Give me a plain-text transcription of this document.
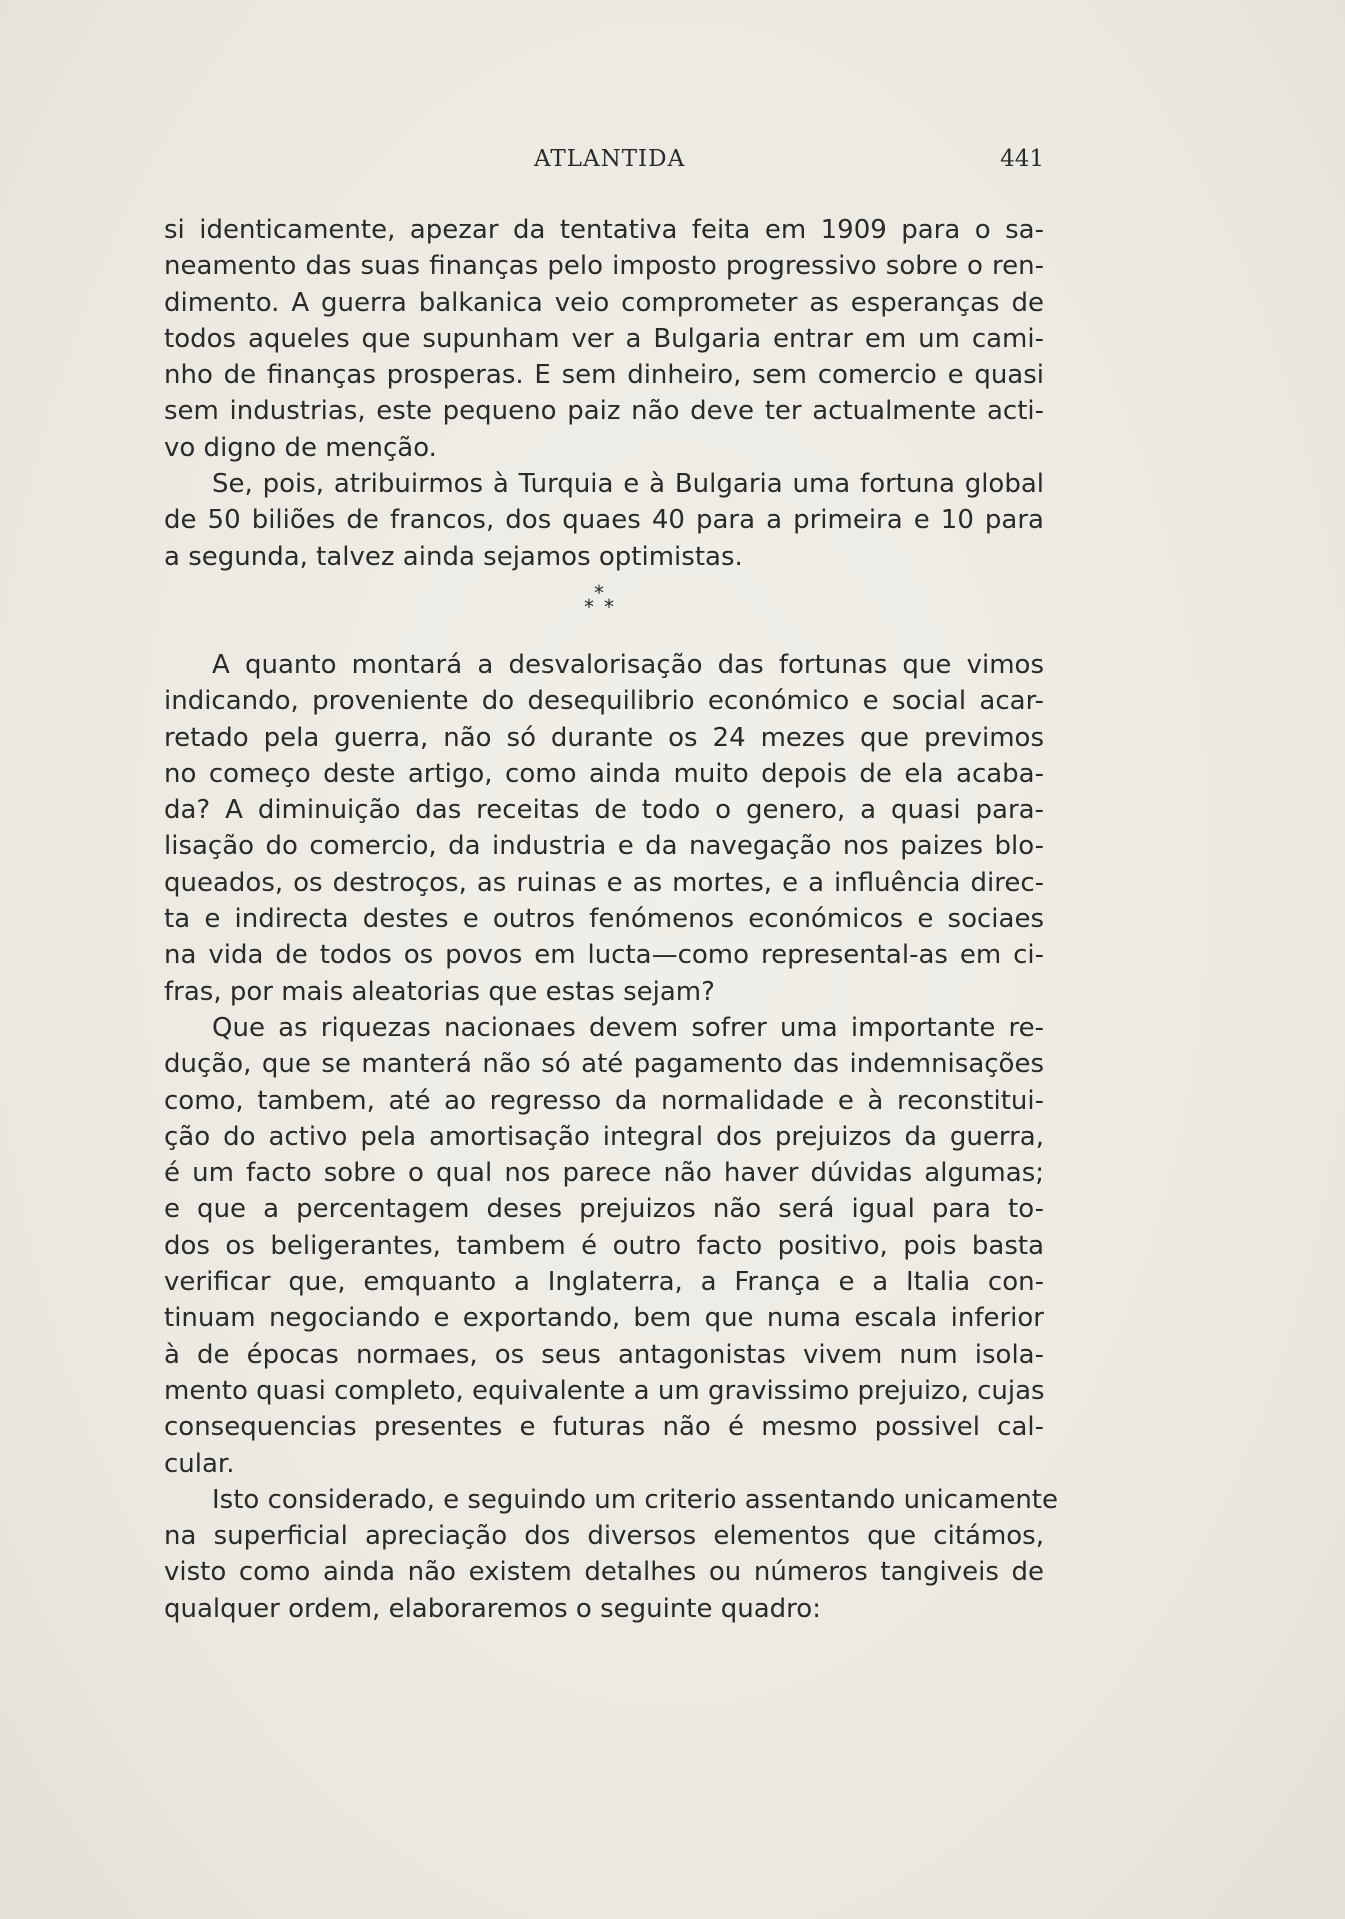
ATLANTIDA	441
si identicamente, apezar da tentativa feita em 1909 para o sa-
neamento das suas finanças pelo imposto progressivo sobre o ren-
dimento. A guerra balkanica veio comprometer as esperanças de
todos aqueles que supunham ver a Bulgaria entrar em um cami-
nho de finanças prosperas. E sem dinheiro, sem comercio e quasi
sem industrias, este pequeno paiz não deve ter actualmente acti-
vo digno de menção.
Se, pois, atribuirmos à Turquia e à Bulgaria uma fortuna global
de 50 biliões de francos, dos quaes 40 para a primeira e 10 para
a segunda, talvez ainda sejamos optimistas.
*
* *
A quanto montará a desvalorisação das fortunas que vimos
indicando, proveniente do desequilibrio económico e social acar-
retado pela guerra, não só durante os 24 mezes que previmos
no começo deste artigo, como ainda muito depois de ela acaba-
da? A diminuição das receitas de todo o genero, a quasi para-
lisação do comercio, da industria e da navegação nos paizes blo-
queados, os destroços, as ruinas e as mortes, e a influência direc-
ta e indirecta destes e outros fenómenos económicos e sociaes
na vida de todos os povos em lucta—como represental-as em ci-
fras, por mais aleatorias que estas sejam?
Que as riquezas nacionaes devem sofrer uma importante re-
dução, que se manterá não só até pagamento das indemnisações
como, tambem, até ao regresso da normalidade e à reconstitui-
ção do activo pela amortisação integral dos prejuizos da guerra,
é um facto sobre o qual nos parece não haver dúvidas algumas;
e que a percentagem deses prejuizos não será igual para to-
dos os beligerantes, tambem é outro facto positivo, pois basta
verificar que, emquanto a Inglaterra, a França e a Italia con-
tinuam negociando e exportando, bem que numa escala inferior
à de épocas normaes, os seus antagonistas vivem num isola-
mento quasi completo, equivalente a um gravissimo prejuizo, cujas
consequencias presentes e futuras não é mesmo possivel cal-
cular.
Isto considerado, e seguindo um criterio assentando unicamente
na superficial apreciação dos diversos elementos que citámos,
visto como ainda não existem detalhes ou números tangiveis de
qualquer ordem, elaboraremos o seguinte quadro:
